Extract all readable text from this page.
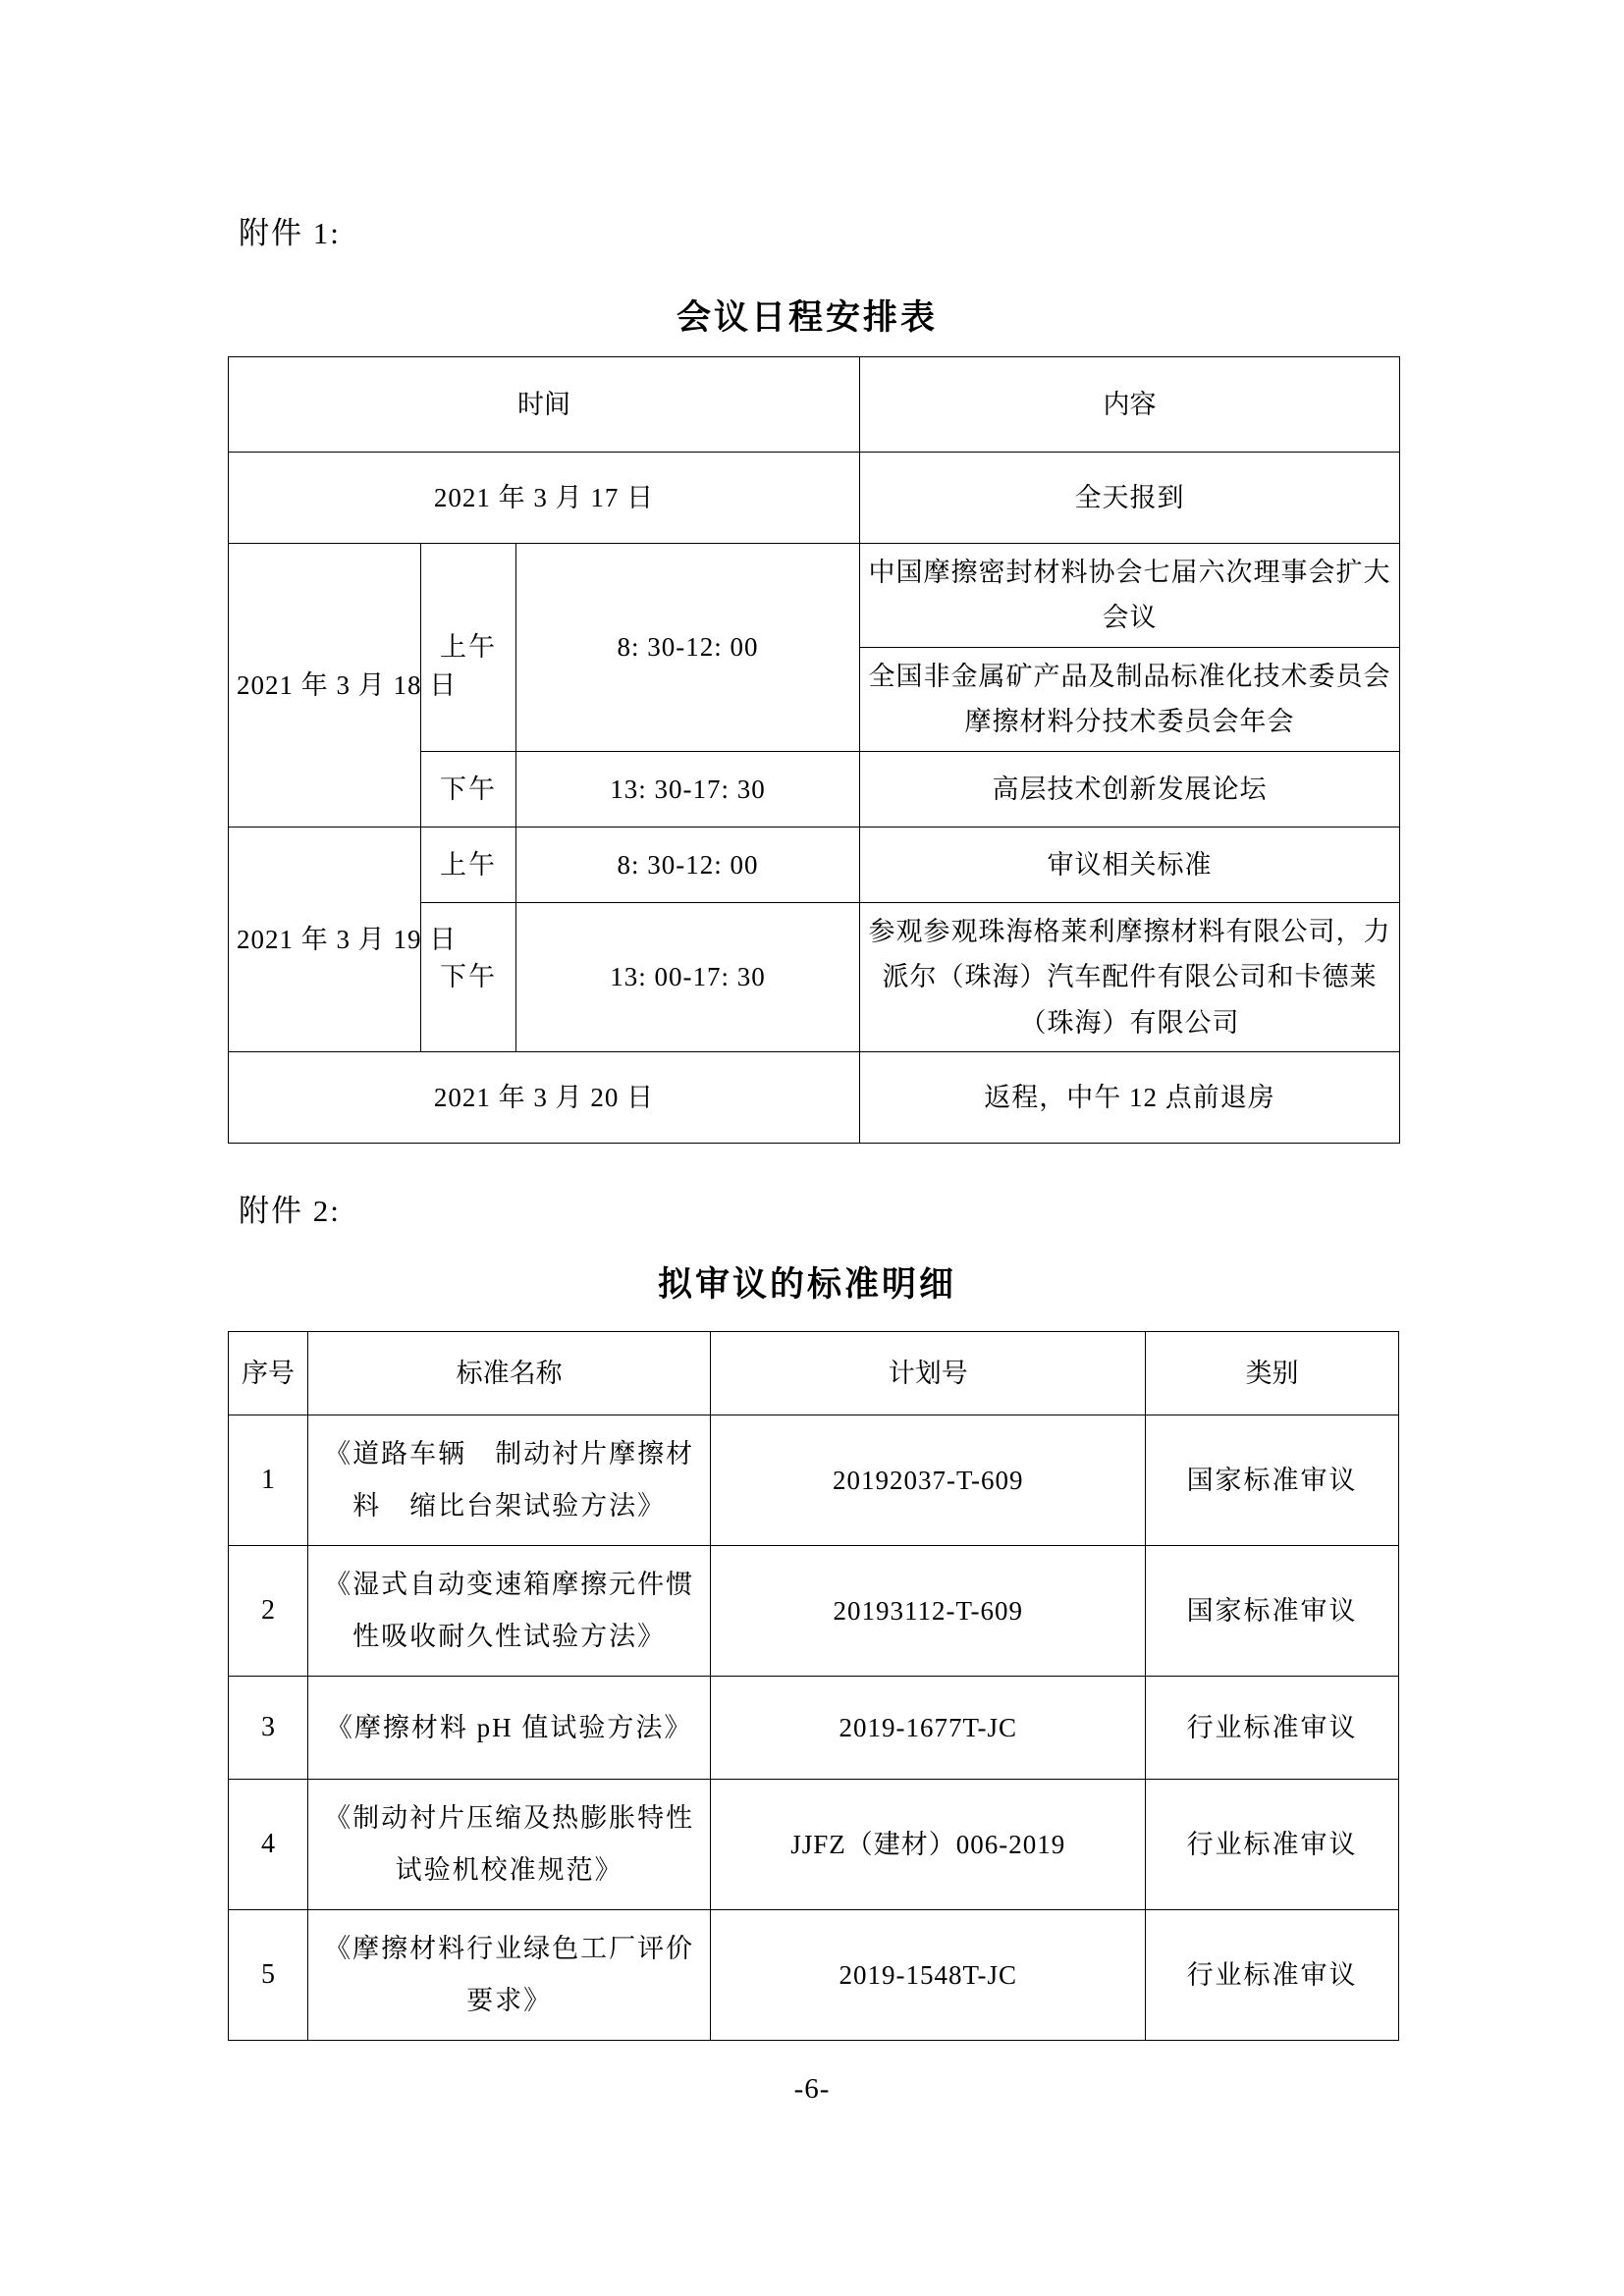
附件 1:
会议日程安排表
时间			内容
2021 年 3 月 17 日			全天报到
2021 年 3 月 18 日	上午	8: 30-12: 00	中国摩擦密封材料协会七届六次理事会扩大会议
			全国非金属矿产品及制品标准化技术委员会摩擦材料分技术委员会年会
	下午	13: 30-17: 30	高层技术创新发展论坛
2021 年 3 月 19 日	上午	8: 30-12: 00	审议相关标准
	下午	13: 00-17: 30	参观参观珠海格莱利摩擦材料有限公司，力派尔（珠海）汽车配件有限公司和卡德莱（珠海）有限公司
2021 年 3 月 20 日			返程，中午 12 点前退房
附件 2:
拟审议的标准明细
序号	标准名称	计划号	类别
1	《道路车辆　制动衬片摩擦材料　缩比台架试验方法》	20192037-T-609	国家标准审议
2	《湿式自动变速箱摩擦元件惯性吸收耐久性试验方法》	20193112-T-609	国家标准审议
3	《摩擦材料 pH 值试验方法》	2019-1677T-JC	行业标准审议
4	《制动衬片压缩及热膨胀特性试验机校准规范》	JJFZ（建材）006-2019	行业标准审议
5	《摩擦材料行业绿色工厂评价要求》	2019-1548T-JC	行业标准审议
-6-
